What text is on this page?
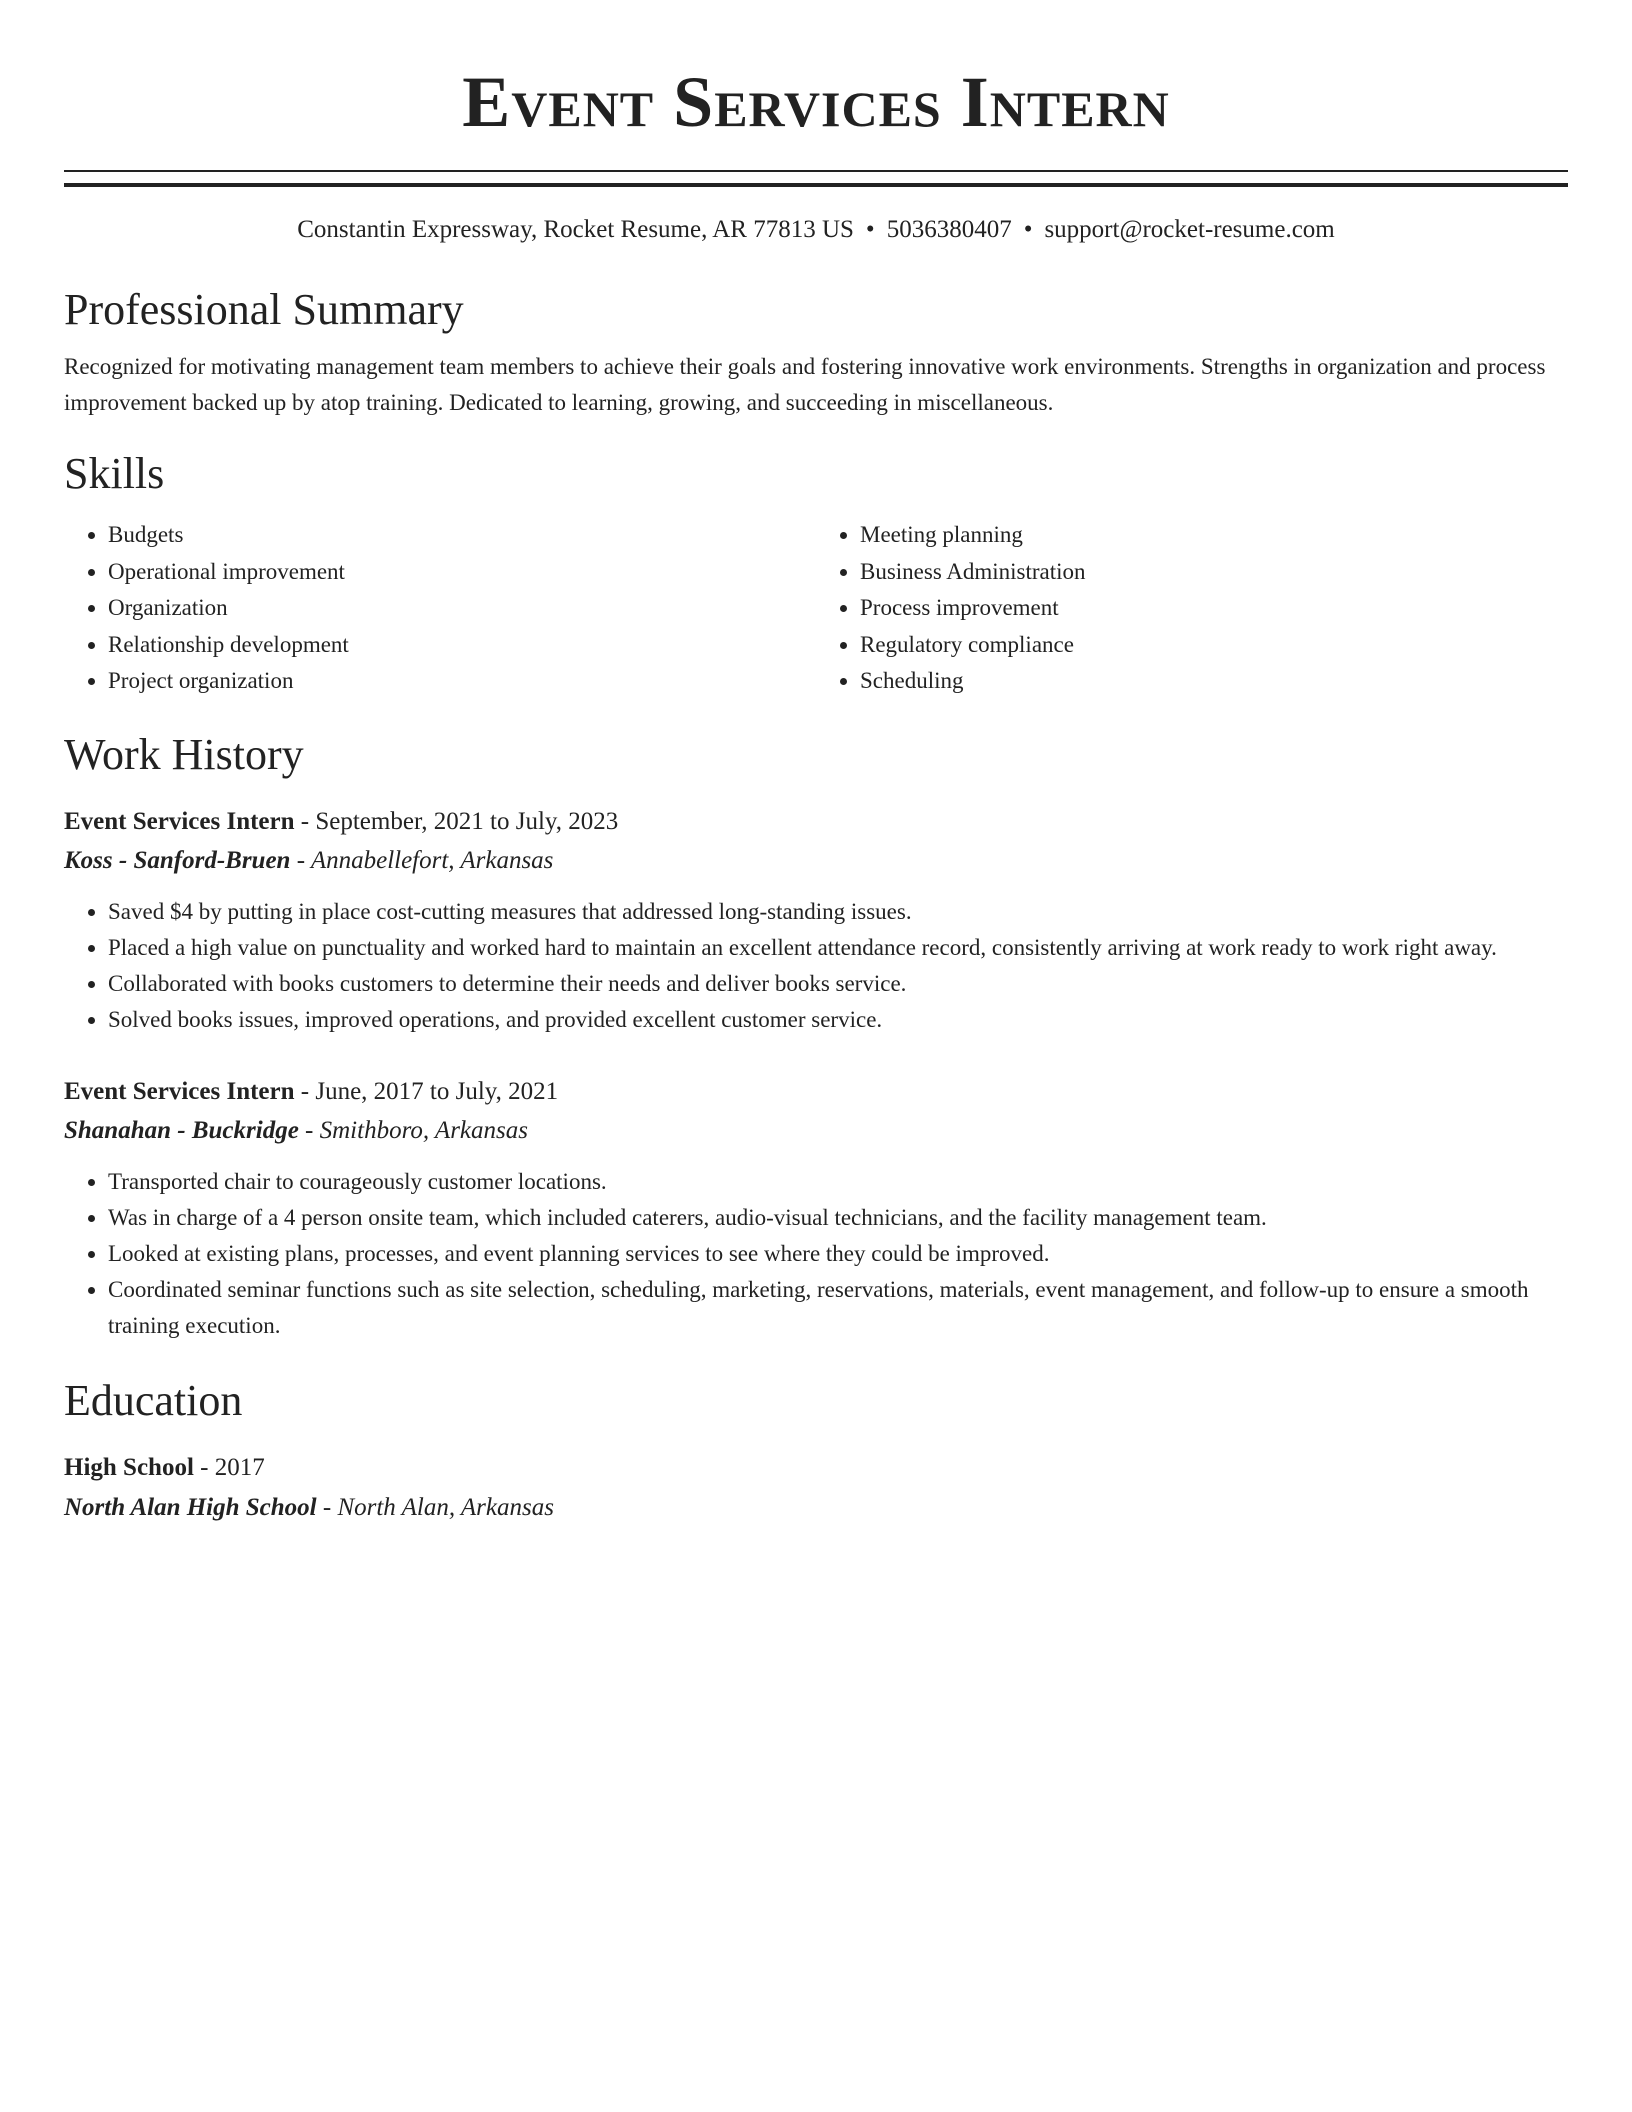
Event Services Intern
Constantin Expressway, Rocket Resume, AR 77813 US • 5036380407 • support@rocket-resume.com
Professional Summary
Recognized for motivating management team members to achieve their goals and fostering innovative work environments. Strengths in organization and process improvement backed up by atop training. Dedicated to learning, growing, and succeeding in miscellaneous.
Skills
• Budgets
• Operational improvement
• Organization
• Relationship development
• Project organization
• Meeting planning
• Business Administration
• Process improvement
• Regulatory compliance
• Scheduling
Work History
Event Services Intern - September, 2021 to July, 2023
Koss - Sanford-Bruen - Annabellefort, Arkansas
• Saved $4 by putting in place cost-cutting measures that addressed long-standing issues.
• Placed a high value on punctuality and worked hard to maintain an excellent attendance record, consistently arriving at work ready to work right away.
• Collaborated with books customers to determine their needs and deliver books service.
• Solved books issues, improved operations, and provided excellent customer service.
Event Services Intern - June, 2017 to July, 2021
Shanahan - Buckridge - Smithboro, Arkansas
• Transported chair to courageously customer locations.
• Was in charge of a 4 person onsite team, which included caterers, audio-visual technicians, and the facility management team.
• Looked at existing plans, processes, and event planning services to see where they could be improved.
• Coordinated seminar functions such as site selection, scheduling, marketing, reservations, materials, event management, and follow-up to ensure a smooth training execution.
Education
High School - 2017
North Alan High School - North Alan, Arkansas
